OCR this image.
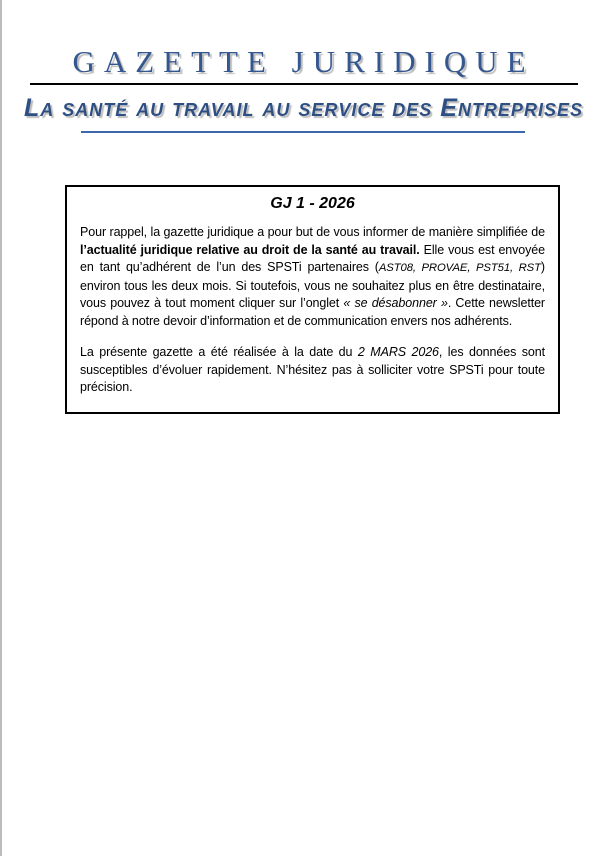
GAZETTE JURIDIQUE
La santé au travail au service des Entreprises
GJ 1 - 2026

Pour rappel, la gazette juridique a pour but de vous informer de manière simplifiée de l’actualité juridique relative au droit de la santé au travail. Elle vous est envoyée en tant qu’adhérent de l’un des SPSTi partenaires (AST08, PROVAE, PST51, RST) environ tous les deux mois. Si toutefois, vous ne souhaitez plus en être destinataire, vous pouvez à tout moment cliquer sur l’onglet « se désabonner ». Cette newsletter répond à notre devoir d’information et de communication envers nos adhérents.

La présente gazette a été réalisée à la date du 2 MARS 2026, les données sont susceptibles d’évoluer rapidement. N’hésitez pas à solliciter votre SPSTi pour toute précision.
